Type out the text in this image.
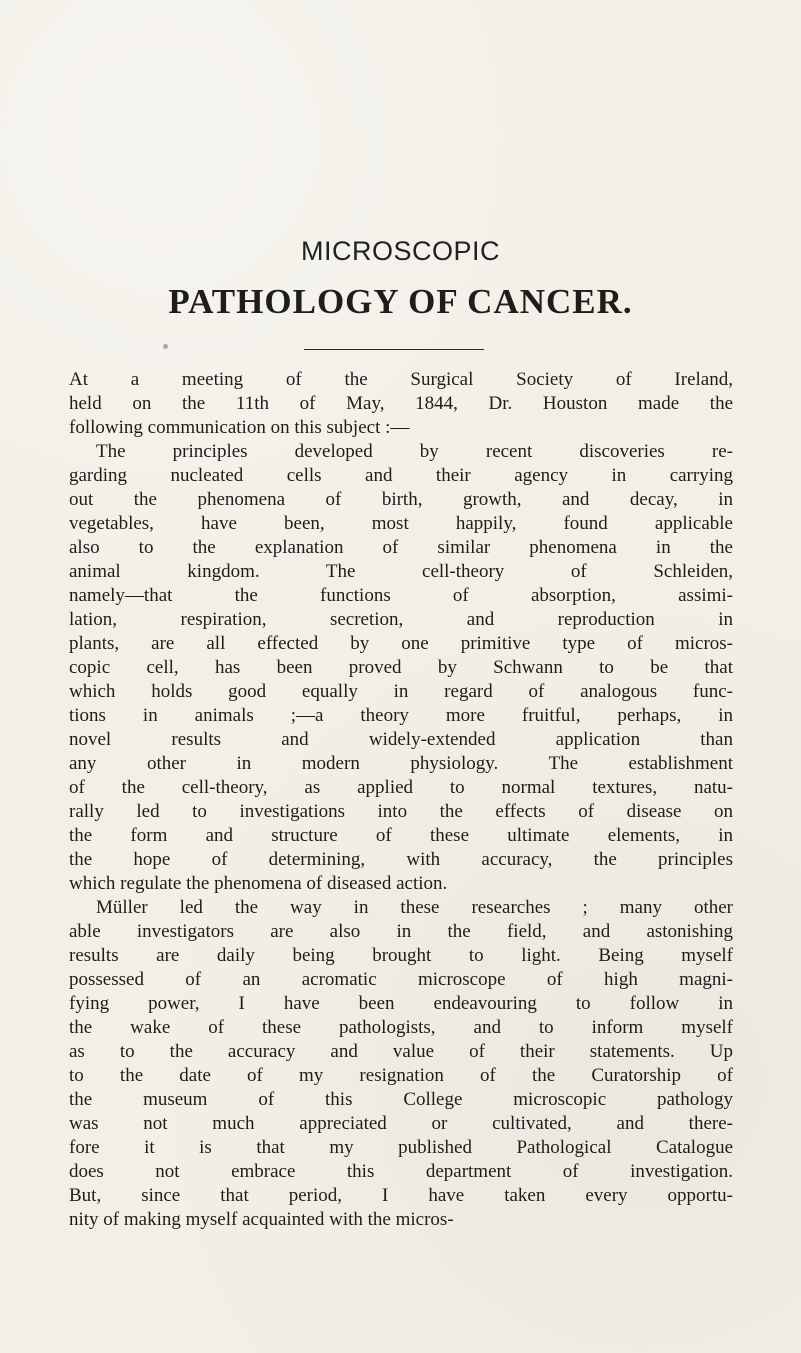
MICROSCOPIC
PATHOLOGY OF CANCER.
At a meeting of the Surgical Society of Ireland,
held on the 11th of May, 1844, Dr. Houston made the
following communication on this subject :—
The principles developed by recent discoveries re-
garding nucleated cells and their agency in carrying
out the phenomena of birth, growth, and decay, in
vegetables, have been, most happily, found applicable
also to the explanation of similar phenomena in the
animal kingdom. The cell-theory of Schleiden,
namely—that the functions of absorption, assimi-
lation, respiration, secretion, and reproduction in
plants, are all effected by one primitive type of micros-
copic cell, has been proved by Schwann to be that
which holds good equally in regard of analogous func-
tions in animals ;—a theory more fruitful, perhaps, in
novel results and widely-extended application than
any other in modern physiology. The establishment
of the cell-theory, as applied to normal textures, natu-
rally led to investigations into the effects of disease on
the form and structure of these ultimate elements, in
the hope of determining, with accuracy, the principles
which regulate the phenomena of diseased action.
Müller led the way in these researches ; many other
able investigators are also in the field, and astonishing
results are daily being brought to light. Being myself
possessed of an acromatic microscope of high magni-
fying power, I have been endeavouring to follow in
the wake of these pathologists, and to inform myself
as to the accuracy and value of their statements. Up
to the date of my resignation of the Curatorship of
the museum of this College microscopic pathology
was not much appreciated or cultivated, and there-
fore it is that my published Pathological Catalogue
does not embrace this department of investigation.
But, since that period, I have taken every opportu-
nity of making myself acquainted with the micros-
